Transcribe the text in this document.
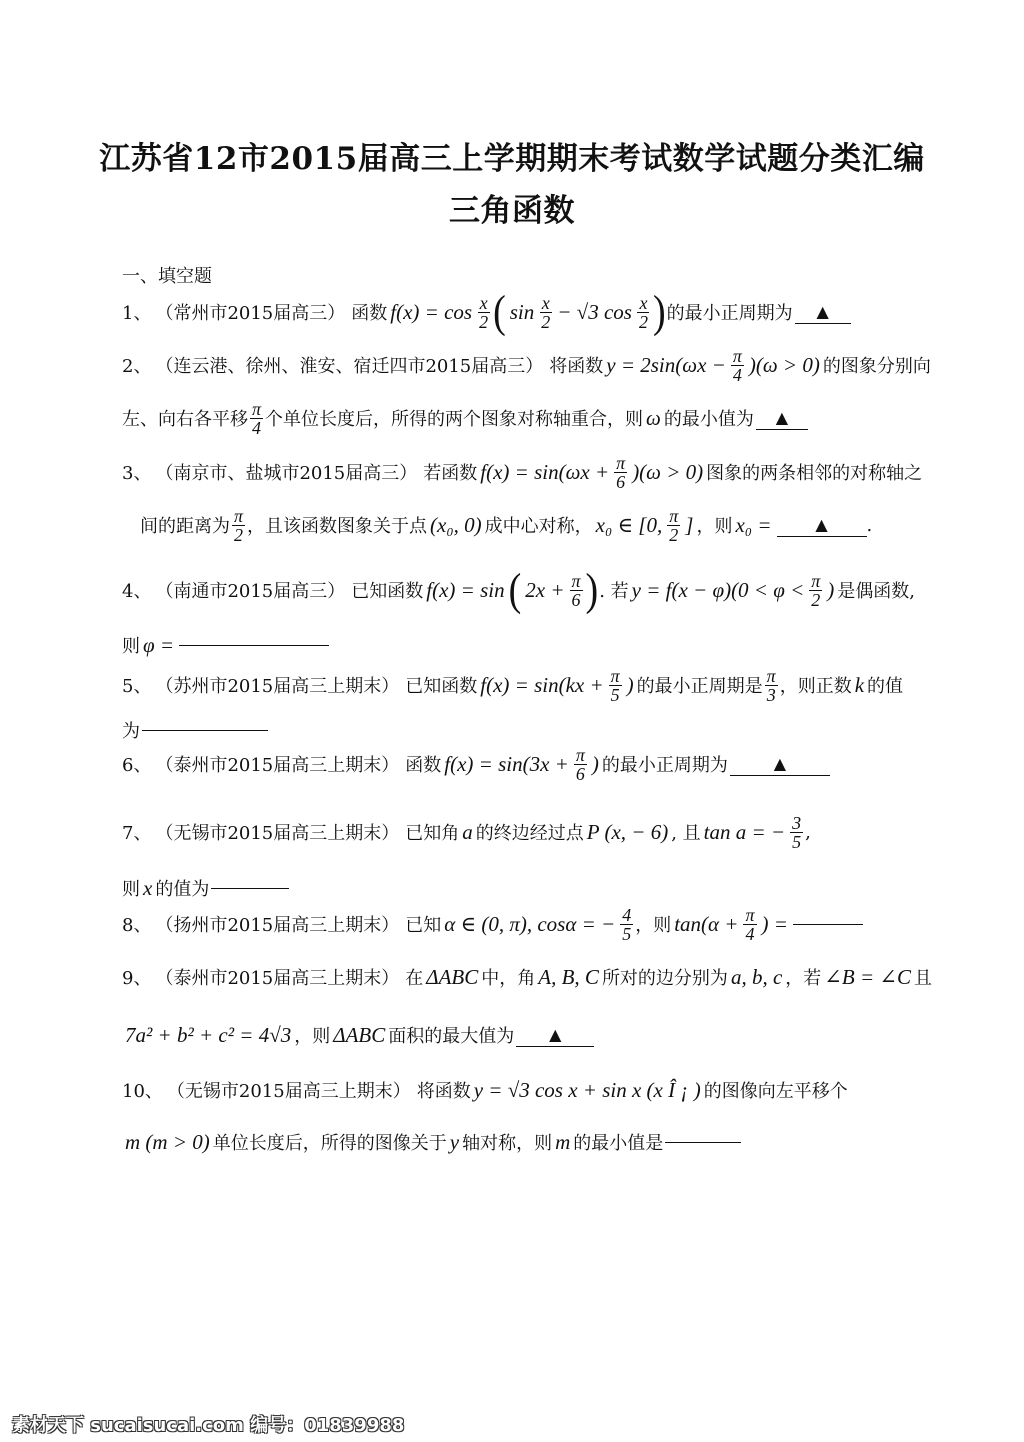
江苏省12市2015届高三上学期期末考试数学试题分类汇编
三角函数
一、填空题
1、 （常州市2015届高三） 函数 $f(x) = \cos \frac{x}{2}$ ( $\sin \frac{x}{2} - √3$ $\cos \frac{x}{2}$ ) 的最小正周期为	▲
2、 （连云港、徐州、淮安、宿迁四市2015届高三） 将函数 $y = 2\sin(\omega x - \frac{\pi}{4} )(\omega > 0)$ 的图象分别向
左、向右各平移 $\frac{\pi}{4}$ 个单位长度后，所得的两个图象对称轴重合，则 ω 的最小值为	▲
3、 （南京市、盐城市2015届高三） 若函数 $f(x) = \sin(\omega x + \frac{\pi}{6} )(\omega > 0)$ 图象的两条相邻的对称轴之
间的距离为 $\frac{\pi}{2}$ ，且该函数图象关于点 (x₀, 0) 成中心对称， x₀ ∈ [0, $\frac{\pi}{2}$ ] ，则 x₀ =	▲	.
4、 （南通市2015届高三） 已知函数 f(x) = sin ( $2x + \frac{\pi}{6}$ ) . 若 $y = f(x - \varphi)(0 < \varphi < \frac{\pi}{2}$ ) 是偶函数,
则 φ =
5、 （苏州市2015届高三上期末） 已知函数 $f(x) = \sin(kx + \frac{\pi}{5}$ ) 的最小正周期是 $\frac{\pi}{3}$ ，则正数 k 的值
为
6、 （泰州市2015届高三上期末） 函数 $f(x) = \sin(3x + \frac{\pi}{6}$ ) 的最小正周期为	▲
7、 （无锡市2015届高三上期末） 已知角 a 的终边经过点 P (x, − 6) , 且 tan a = − $\frac{3}{5}$ ,
则 x 的值为
8、 （扬州市2015届高三上期末） 已知 α ∈ (0, π), cosα = − $\frac{4}{5}$ ，则 $\tan(\alpha + \frac{\pi}{4}$ ) =
9、 （泰州市2015届高三上期末） 在 ΔABC 中，角 A, B, C 所对的边分别为 a, b, c ，若 ∠B = ∠C 且
7a² + b² + c² = 4√3 ，则 ΔABC 面积的最大值为	▲
10、 （无锡市2015届高三上期末） 将函数 y = √3 cos x + sin x (x Î ¡ ) 的图像向左平移个
m (m > 0) 单位长度后，所得的图像关于 y 轴对称，则 m 的最小值是
素材天下 sucaisucai.com 编号：01839988
